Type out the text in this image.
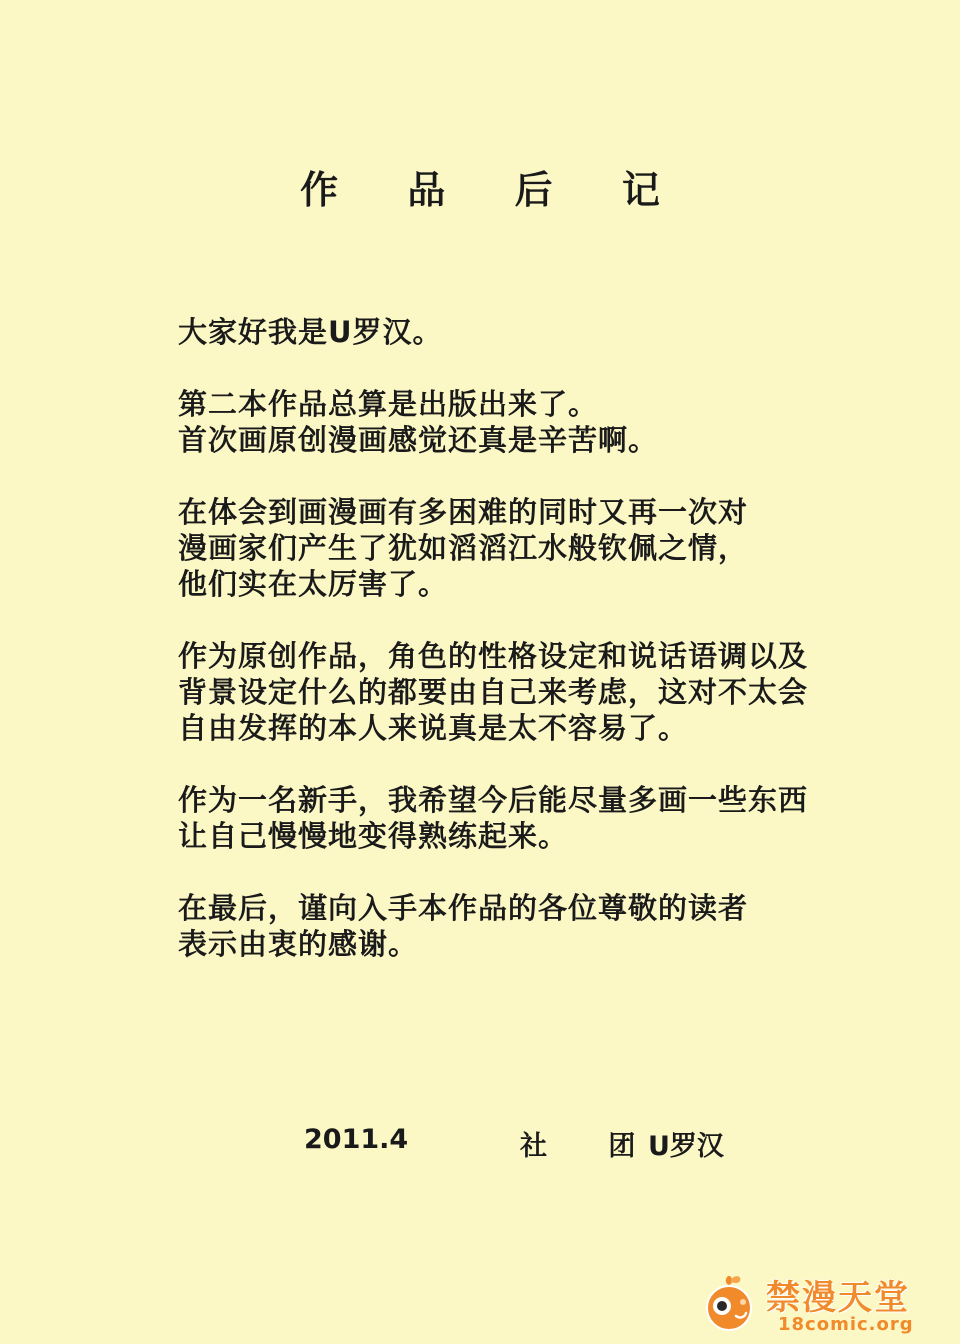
作 品 后 记

大家好我是U罗汉。

第二本作品总算是出版出来了。
首次画原创漫画感觉还真是辛苦啊。

在体会到画漫画有多困难的同时又再一次对
漫画家们产生了犹如滔滔江水般钦佩之情，
他们实在太厉害了。

作为原创作品，角色的性格设定和说话语调以及
背景设定什么的都要由自己来考虑，这对不太会
自由发挥的本人来说真是太不容易了。

作为一名新手，我希望今后能尽量多画一些东西
让自己慢慢地变得熟练起来。

在最后，谨向入手本作品的各位尊敬的读者
表示由衷的感谢。

2011.4	社 团
U罗汉
禁漫天堂
18comic.org
